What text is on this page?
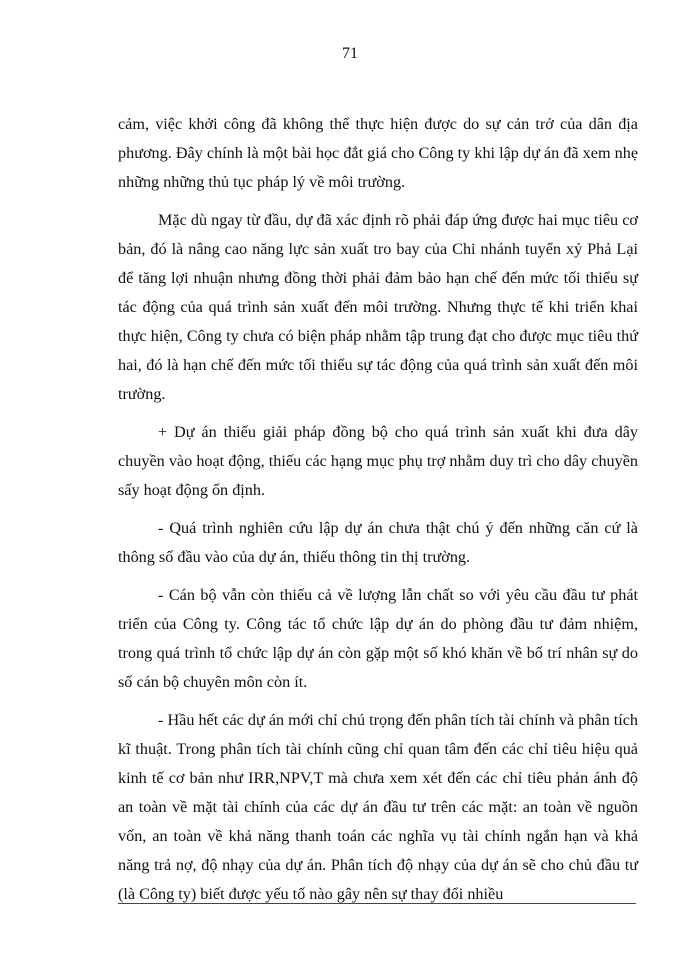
71

cảm, việc khởi công đã không thể thực hiện được do sự cản trở của dân địa phương. Đây chính là một bài học đắt giá cho Công ty khi lập dự án đã xem nhẹ những những thủ tục pháp lý về môi trường.

Mặc dù ngay từ đầu, dự đã xác định rõ phải đáp ứng được hai mục tiêu cơ bản, đó là nâng cao năng lực sản xuất tro bay của Chi nhánh tuyển xỷ Phả Lại để tăng lợi nhuận nhưng đồng thời phải đảm bảo hạn chế đến mức tối thiểu sự tác động của quá trình sản xuất đến môi trường. Nhưng thực tế khi triển khai thực hiện, Công ty chưa có biện pháp nhằm tập trung đạt cho được mục tiêu thứ hai, đó là hạn chế đến mức tối thiểu sự tác động của quá trình sản xuất đến môi trường.

+ Dự án thiếu giải pháp đồng bộ cho quá trình sản xuất khi đưa dây chuyền vào hoạt động, thiếu các hạng mục phụ trợ nhằm duy trì cho dây chuyền sấy hoạt động ổn định.

- Quá trình nghiên cứu lập dự án chưa thật chú ý đến những căn cứ là thông số đầu vào của dự án, thiếu thông tin thị trường.

- Cán bộ vẫn còn thiếu cả về lượng lẫn chất so với yêu cầu đầu tư phát triển của Công ty. Công tác tổ chức lập dự án do phòng đầu tư đảm nhiệm, trong quá trình tổ chức lập dự án còn gặp một số khó khăn về bố trí nhân sự do số cán bộ chuyên môn còn ít.

- Hầu hết các dự án mới chỉ chú trọng đến phân tích tài chính và phân tích kĩ thuật. Trong phân tích tài chính cũng chỉ quan tâm đến các chỉ tiêu hiệu quả kinh tế cơ bản như IRR,NPV,T mà chưa xem xét đến các chỉ tiêu phản ánh độ an toàn về mặt tài chính của các dự án đầu tư trên các mặt: an toàn về nguồn vốn, an toàn về khả năng thanh toán các nghĩa vụ tài chính ngắn hạn và khả năng trả nợ, độ nhạy của dự án. Phân tích độ nhạy của dự án sẽ cho chủ đầu tư (là Công ty) biết được yếu tố nào gây nên sự thay đổi nhiều
